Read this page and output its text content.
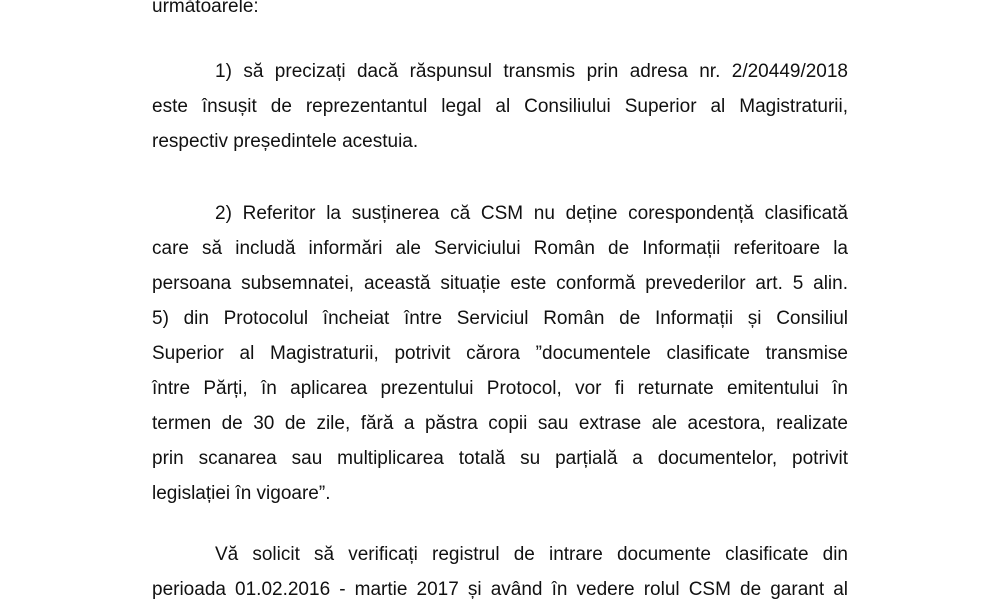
următoarele:
1) să precizați dacă răspunsul transmis prin adresa nr. 2/20449/2018
este însușit de reprezentantul legal al Consiliului Superior al Magistraturii,
respectiv președintele acestuia.
2) Referitor la susținerea că CSM nu deține corespondență clasificată
care să includă informări ale Serviciului Român de Informații referitoare la
persoana subsemnatei, această situație este conformă prevederilor art. 5 alin.
5) din Protocolul încheiat între Serviciul Român de Informații și Consiliul
Superior al Magistraturii, potrivit cărora ”documentele clasificate transmise
între Părți, în aplicarea prezentului Protocol, vor fi returnate emitentului în
termen de 30 de zile, fără a păstra copii sau extrase ale acestora, realizate
prin scanarea sau multiplicarea totală su parțială a documentelor, potrivit
legislației în vigoare”.
Vă solicit să verificați registrul de intrare documente clasificate din
perioada 01.02.2016 - martie 2017 și având în vedere rolul CSM de garant al
